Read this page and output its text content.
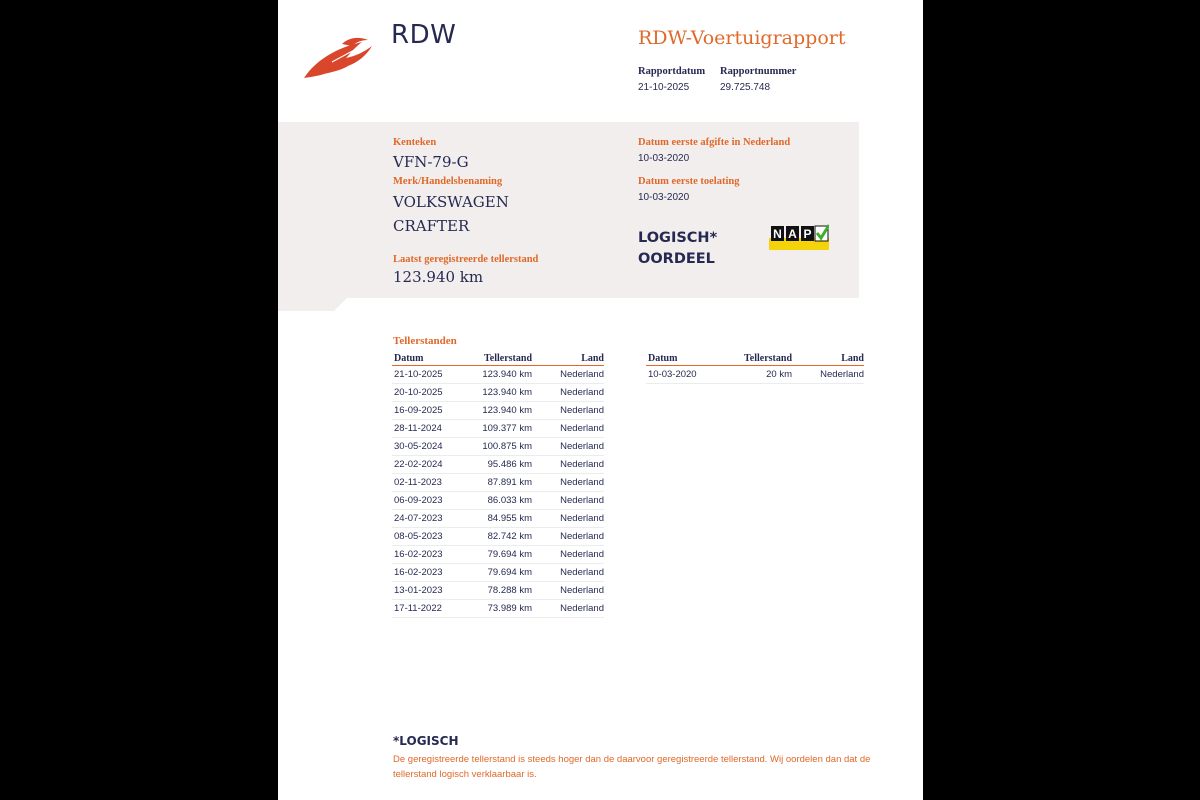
RDW	RDW-Voertuigrapport
Rapportdatum
21-10-2025
Rapportnummer
29.725.748
Kenteken
VFN-79-G
Merk/Handelsbenaming
VOLKSWAGEN
CRAFTER
Laatst geregistreerde tellerstand
123.940 km
Datum eerste afgifte in Nederland
10-03-2020
Datum eerste toelating
10-03-2020
LOGISCH*
OORDEEL
N A P
Tellerstanden
Datum	Tellerstand	Land
21-10-2025	123.940 km	Nederland
20-10-2025	123.940 km	Nederland
16-09-2025	123.940 km	Nederland
28-11-2024	109.377 km	Nederland
30-05-2024	100.875 km	Nederland
22-02-2024	95.486 km	Nederland
02-11-2023	87.891 km	Nederland
06-09-2023	86.033 km	Nederland
24-07-2023	84.955 km	Nederland
08-05-2023	82.742 km	Nederland
16-02-2023	79.694 km	Nederland
16-02-2023	79.694 km	Nederland
13-01-2023	78.288 km	Nederland
17-11-2022	73.989 km	Nederland
Datum	Tellerstand	Land
10-03-2020	20 km	Nederland
*LOGISCH
De geregistreerde tellerstand is steeds hoger dan de daarvoor geregistreerde tellerstand. Wij oordelen dan dat de tellerstand logisch verklaarbaar is.
